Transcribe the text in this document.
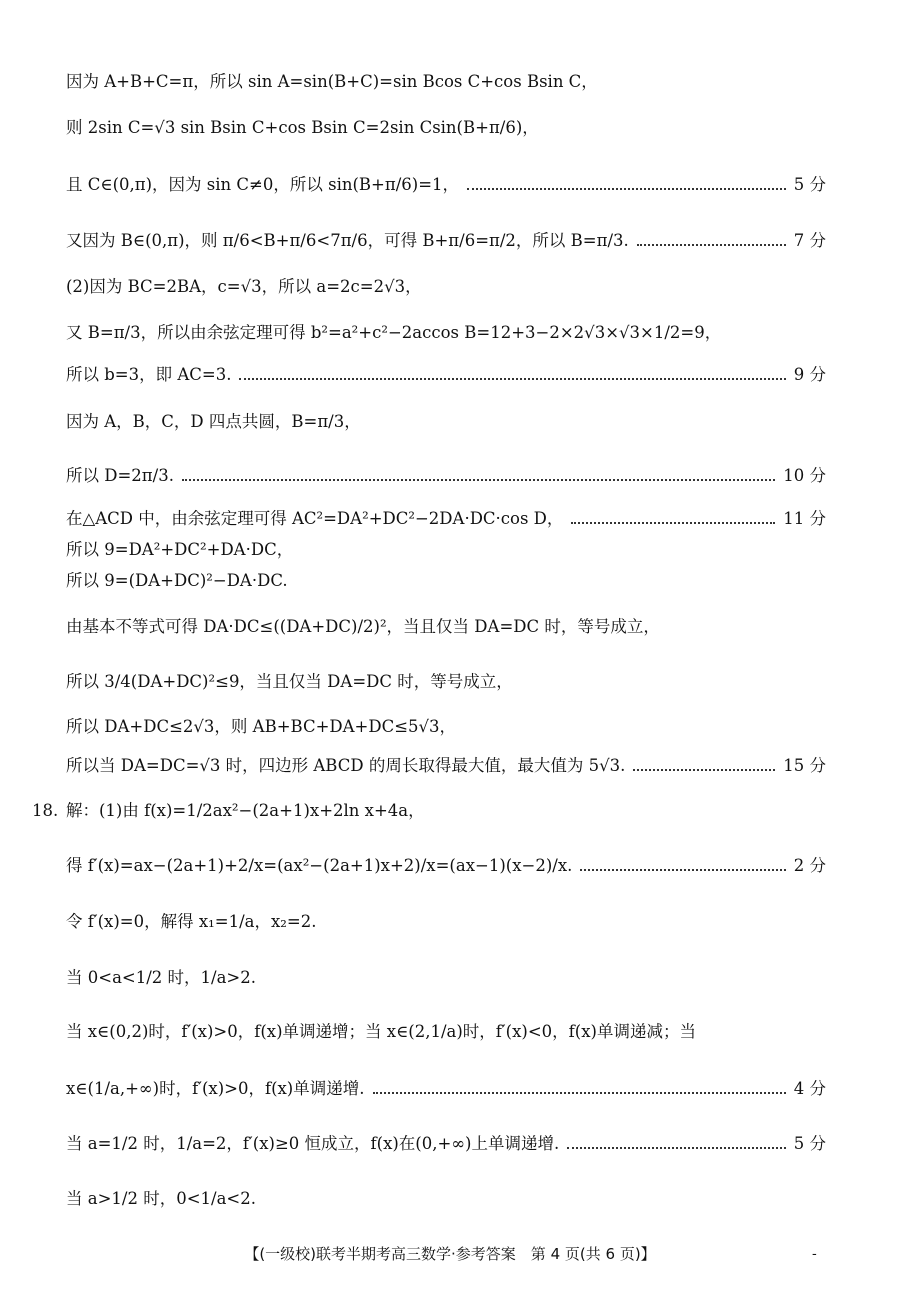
因为 A+B+C=π，所以 sin A=sin(B+C)=sin Bcos C+cos Bsin C，
则 2sin C=√3 sin Bsin C+cos Bsin C=2sin Csin(B+π/6)，
且 C∈(0,π)，因为 sin C≠0，所以 sin(B+π/6)=1，	5 分
又因为 B∈(0,π)，则 π/6<B+π/6<7π/6，可得 B+π/6=π/2，所以 B=π/3.	7 分
(2)因为 BC=2BA，c=√3，所以 a=2c=2√3，
又 B=π/3，所以由余弦定理可得 b²=a²+c²−2accos B=12+3−2×2√3×√3×1/2=9，
所以 b=3，即 AC=3.	9 分
因为 A，B，C，D 四点共圆，B=π/3，
所以 D=2π/3.	10 分
在△ACD 中，由余弦定理可得 AC²=DA²+DC²−2DA·DC·cos D，	11 分
所以 9=DA²+DC²+DA·DC，
所以 9=(DA+DC)²−DA·DC.
由基本不等式可得 DA·DC≤((DA+DC)/2)²，当且仅当 DA=DC 时，等号成立，
所以 3/4(DA+DC)²≤9，当且仅当 DA=DC 时，等号成立，
所以 DA+DC≤2√3，则 AB+BC+DA+DC≤5√3，
所以当 DA=DC=√3 时，四边形 ABCD 的周长取得最大值，最大值为 5√3.	15 分
18. 解：(1)由 f(x)=1/2ax²−(2a+1)x+2ln x+4a，
得 f′(x)=ax−(2a+1)+2/x=(ax²−(2a+1)x+2)/x=(ax−1)(x−2)/x.	2 分
令 f′(x)=0，解得 x₁=1/a，x₂=2.
当 0<a<1/2 时，1/a>2.
当 x∈(0,2)时，f′(x)>0，f(x)单调递增；当 x∈(2,1/a)时，f′(x)<0，f(x)单调递减；当
x∈(1/a,+∞)时，f′(x)>0，f(x)单调递增.	4 分
当 a=1/2 时，1/a=2，f′(x)≥0 恒成立，f(x)在(0,+∞)上单调递增.	5 分
当 a>1/2 时，0<1/a<2.
【(一级校)联考半期考高三数学·参考答案　第 4 页(共 6 页)】	-
